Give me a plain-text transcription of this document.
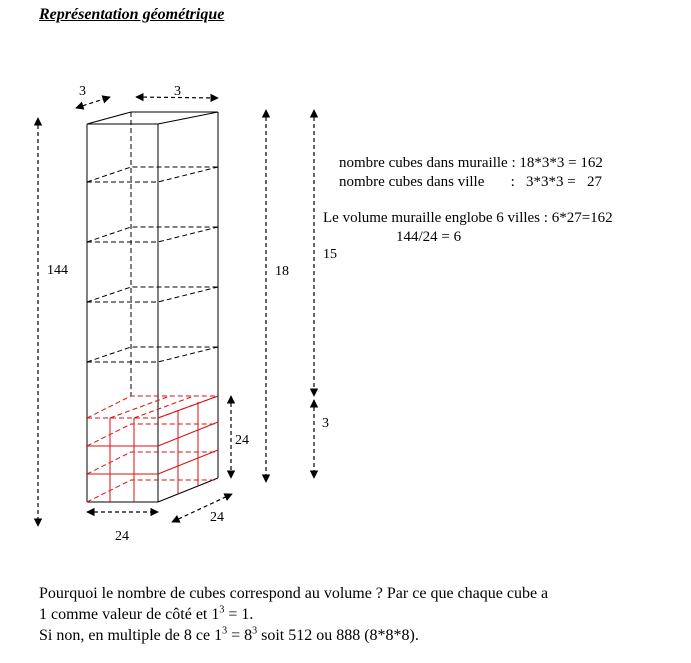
Représentation géométrique
3	3
144	18
15
3
24
24
24
nombre cubes dans muraille : 18*3*3 = 162
nombre cubes dans ville       :   3*3*3 =   27
Le volume muraille englobe 6 villes : 6*27=162
144/24 = 6
Pourquoi le nombre de cubes correspond au volume ? Par ce que chaque cube a
1 comme valeur de côté et $1^3 = 1$.
Si non, en multiple de 8 ce $1^3 = 8^3$ soit 512 ou 888 (8*8*8).
